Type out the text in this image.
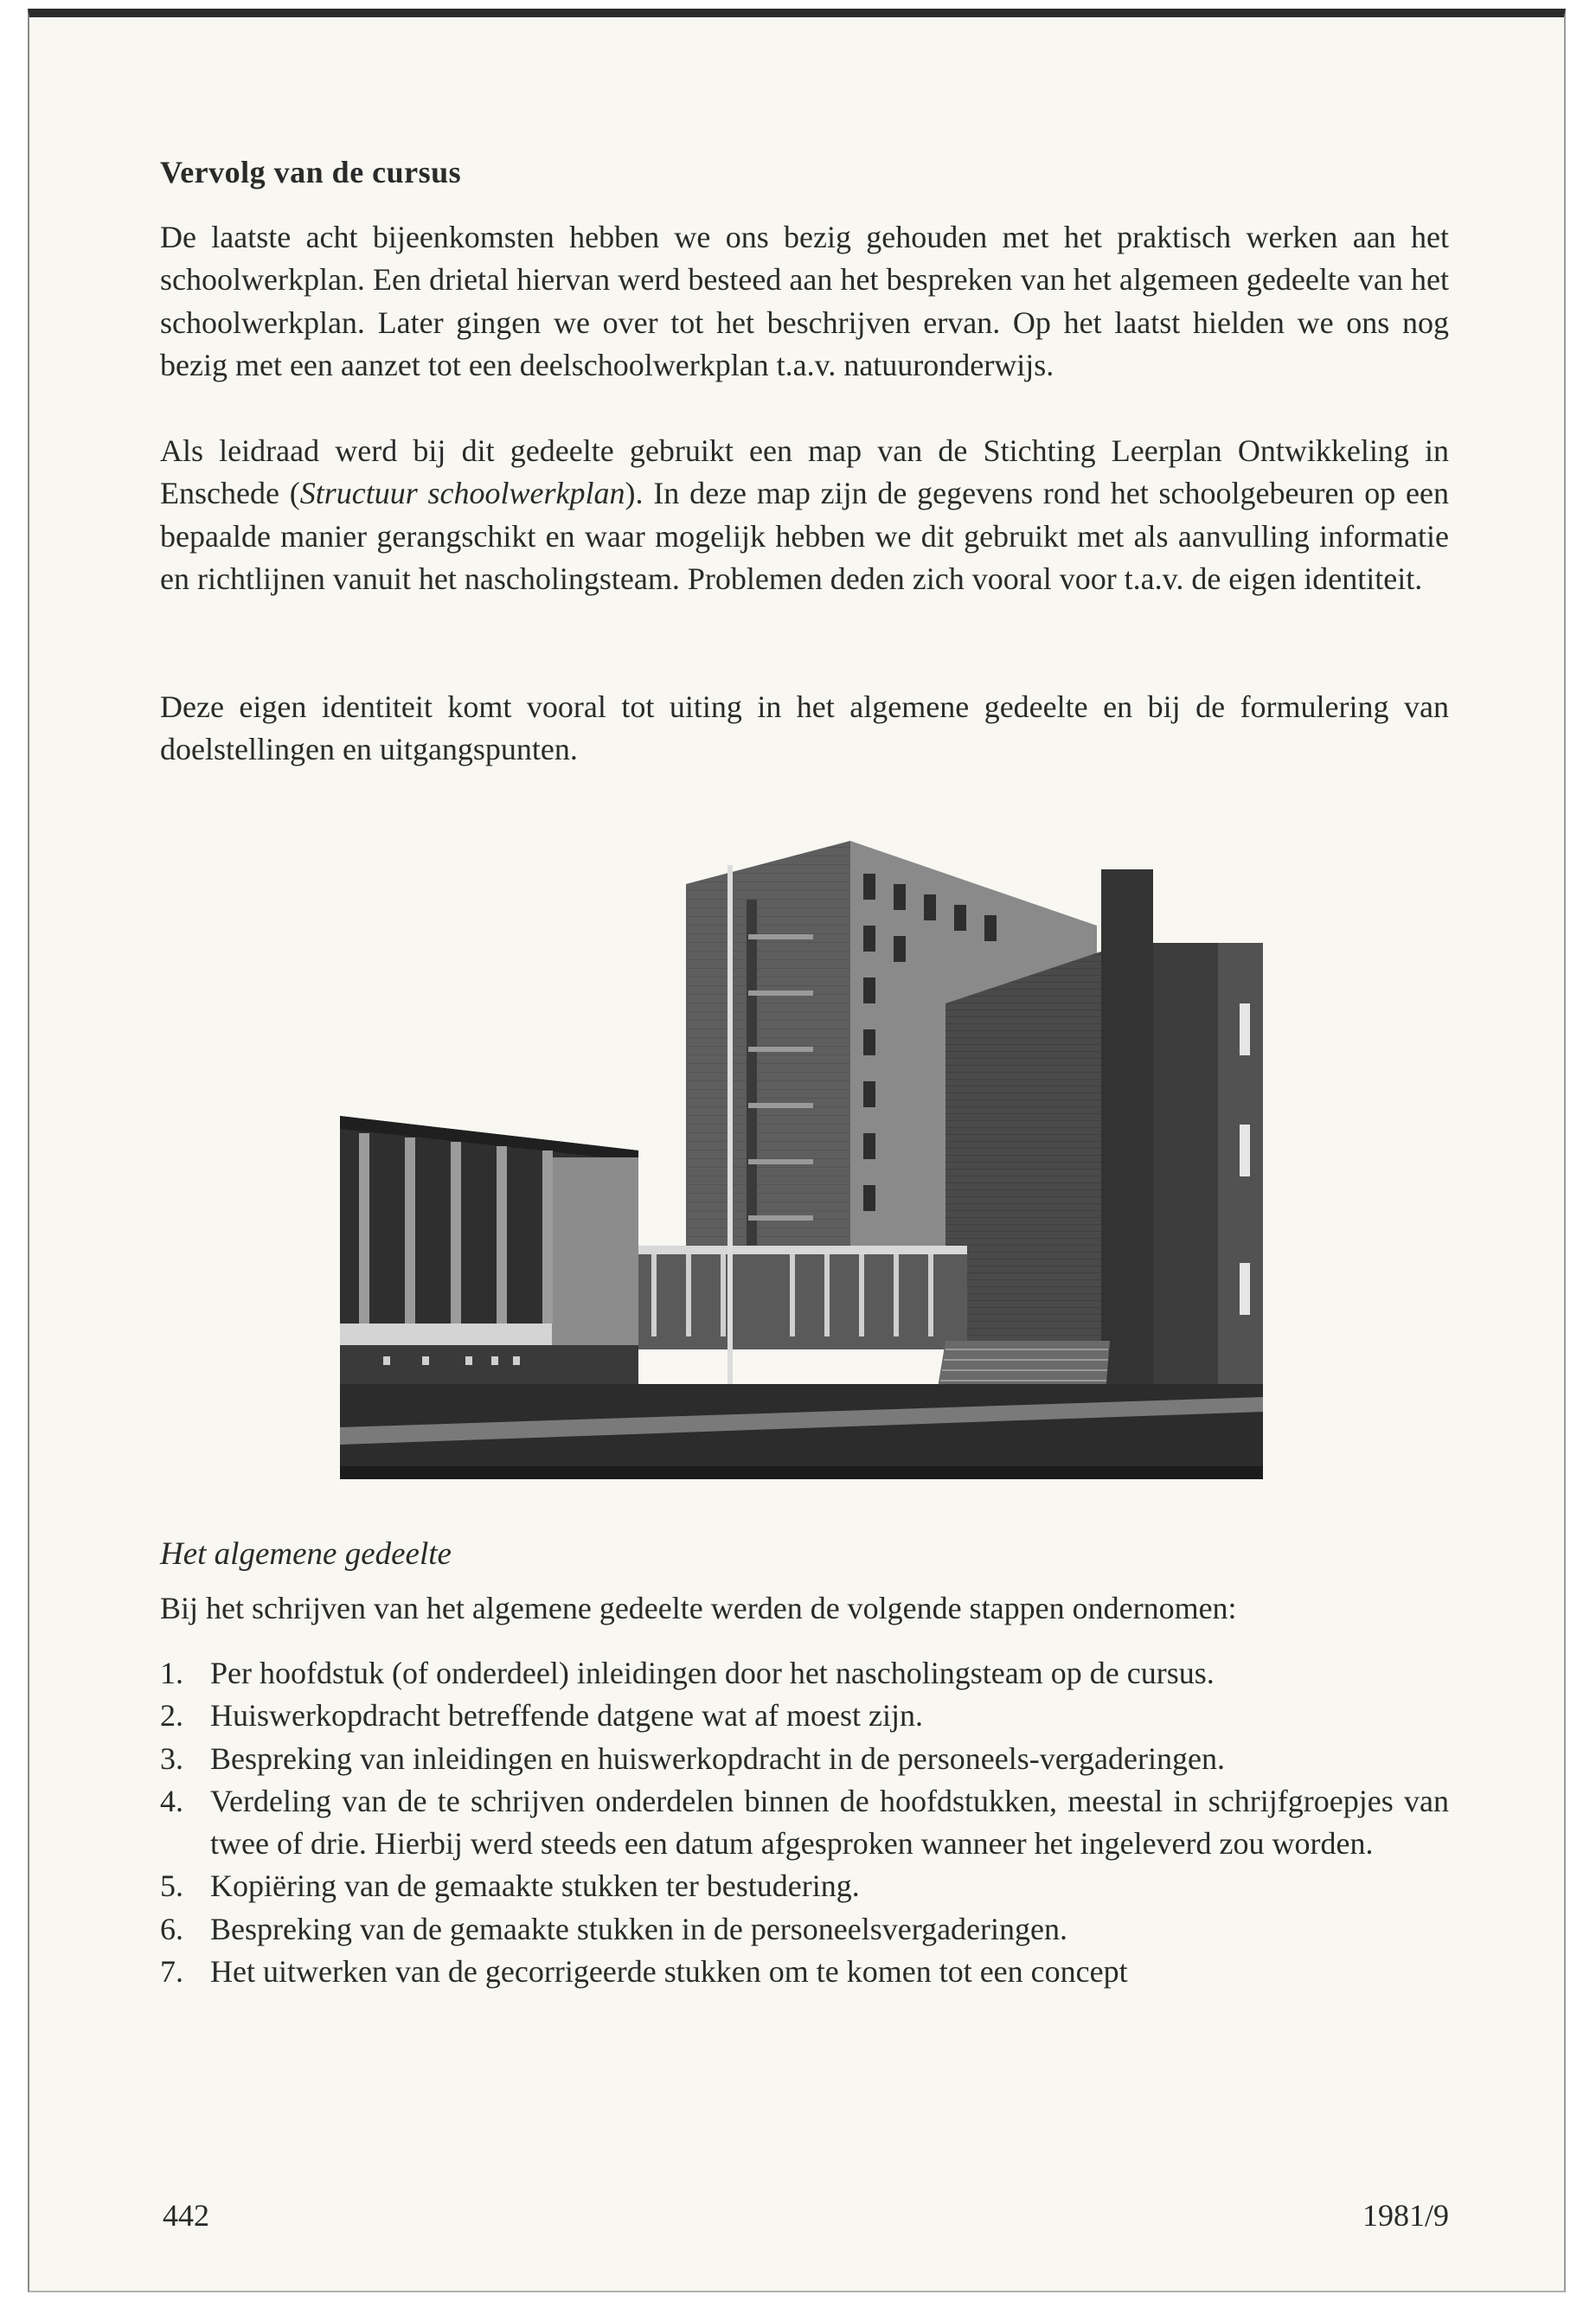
Vervolg van de cursus

De laatste acht bijeenkomsten hebben we ons bezig gehouden met het praktisch werken aan het schoolwerkplan. Een drietal hiervan werd besteed aan het bespreken van het algemeen gedeelte van het schoolwerkplan. Later gingen we over tot het beschrijven ervan. Op het laatst hielden we ons nog bezig met een aanzet tot een deelschoolwerkplan t.a.v. natuuronderwijs.

Als leidraad werd bij dit gedeelte gebruikt een map van de Stichting Leerplan Ontwikkeling in Enschede (Structuur schoolwerkplan). In deze map zijn de gegevens rond het schoolgebeuren op een bepaalde manier gerangschikt en waar mogelijk hebben we dit gebruikt met als aanvulling informatie en richtlijnen vanuit het nascholingsteam. Problemen deden zich vooral voor t.a.v. de eigen identiteit.

Deze eigen identiteit komt vooral tot uiting in het algemene gedeelte en bij de formulering van doelstellingen en uitgangspunten.

Het algemene gedeelte

Bij het schrijven van het algemene gedeelte werden de volgende stappen ondernomen:

1. Per hoofdstuk (of onderdeel) inleidingen door het nascholingsteam op de cursus.
2. Huiswerkopdracht betreffende datgene wat af moest zijn.
3. Bespreking van inleidingen en huiswerkopdracht in de personeels-vergaderingen.
4. Verdeling van de te schrijven onderdelen binnen de hoofdstukken, meestal in schrijfgroepjes van twee of drie. Hierbij werd steeds een datum afgesproken wanneer het ingeleverd zou worden.
5. Kopiëring van de gemaakte stukken ter bestudering.
6. Bespreking van de gemaakte stukken in de personeelsvergaderingen.
7. Het uitwerken van de gecorrigeerde stukken om te komen tot een concept
442	1981/9
